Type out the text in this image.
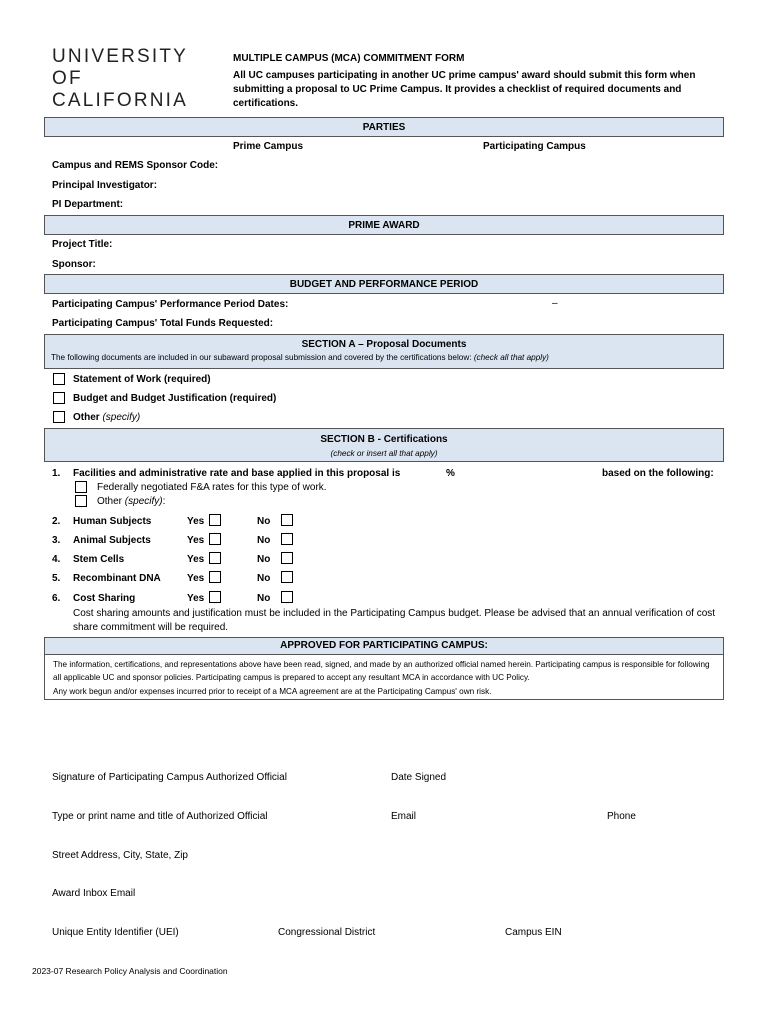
UNIVERSITY
OF
CALIFORNIA
MULTIPLE CAMPUS (MCA) COMMITMENT FORM
All UC campuses participating in another UC prime campus' award should submit this form when submitting a proposal to UC Prime Campus. It provides a checklist of required documents and certifications.
PARTIES
Prime Campus	Participating Campus
Campus and REMS Sponsor Code:
Principal Investigator:
PI Department:
PRIME AWARD
Project Title:
Sponsor:
BUDGET AND PERFORMANCE PERIOD
Participating Campus' Performance Period Dates:	–
Participating Campus' Total Funds Requested:
SECTION A – Proposal Documents
The following documents are included in our subaward proposal submission and covered by the certifications below: (check all that apply)
Statement of Work (required)
Budget and Budget Justification (required)
Other (specify)
SECTION B - Certifications
(check or insert all that apply)
1. Facilities and administrative rate and base applied in this proposal is	%	based on the following:
Federally negotiated F&A rates for this type of work.
Other (specify):
2. Human Subjects	Yes	No
3. Animal Subjects	Yes	No
4. Stem Cells	Yes	No
5. Recombinant DNA	Yes	No
6. Cost Sharing	Yes	No
Cost sharing amounts and justification must be included in the Participating Campus budget. Please be advised that an annual verification of cost share commitment will be required.
APPROVED FOR PARTICIPATING CAMPUS:
The information, certifications, and representations above have been read, signed, and made by an authorized official named herein. Participating campus is responsible for following all applicable UC and sponsor policies. Participating campus is prepared to accept any resultant MCA in accordance with UC Policy.
Any work begun and/or expenses incurred prior to receipt of a MCA agreement are at the Participating Campus' own risk.
Signature of Participating Campus Authorized Official	Date Signed
Type or print name and title of Authorized Official	Email	Phone
Street Address, City, State, Zip
Award Inbox Email
Unique Entity Identifier (UEI)	Congressional District	Campus EIN
2023-07 Research Policy Analysis and Coordination
